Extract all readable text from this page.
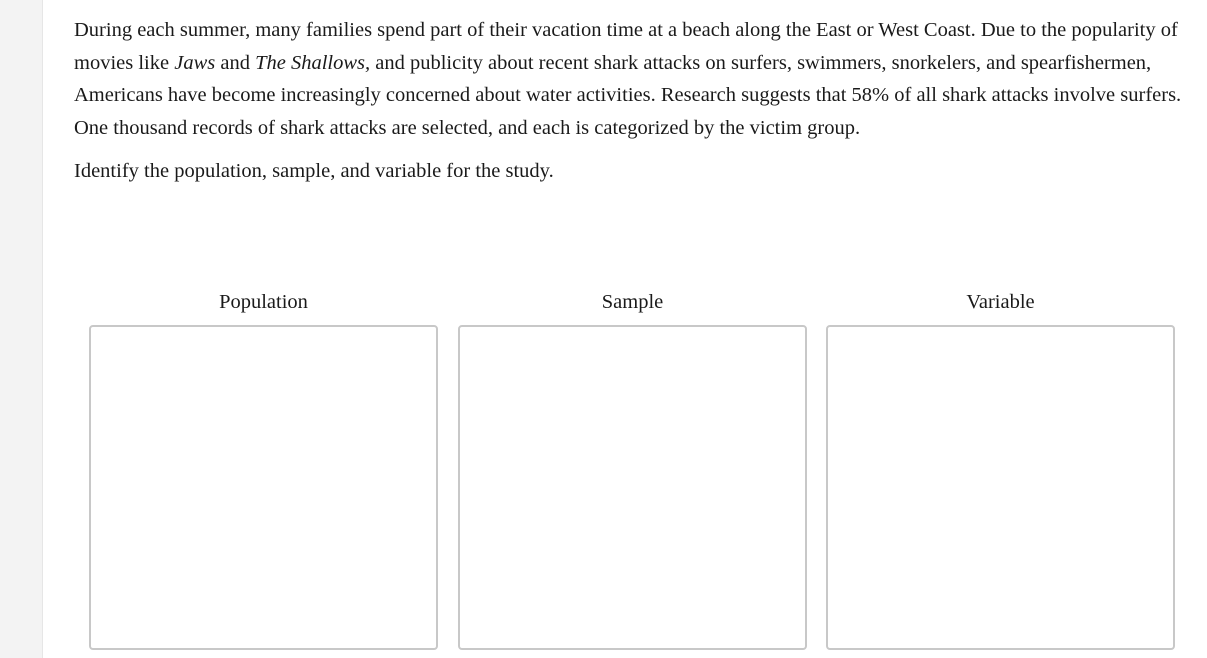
During each summer, many families spend part of their vacation time at a beach along the East or West Coast. Due to the popularity of movies like Jaws and The Shallows, and publicity about recent shark attacks on surfers, swimmers, snorkelers, and spearfishermen, Americans have become increasingly concerned about water activities. Research suggests that 58% of all shark attacks involve surfers. One thousand records of shark attacks are selected, and each is categorized by the victim group.

Identify the population, sample, and variable for the study.

Population	Sample	Variable
